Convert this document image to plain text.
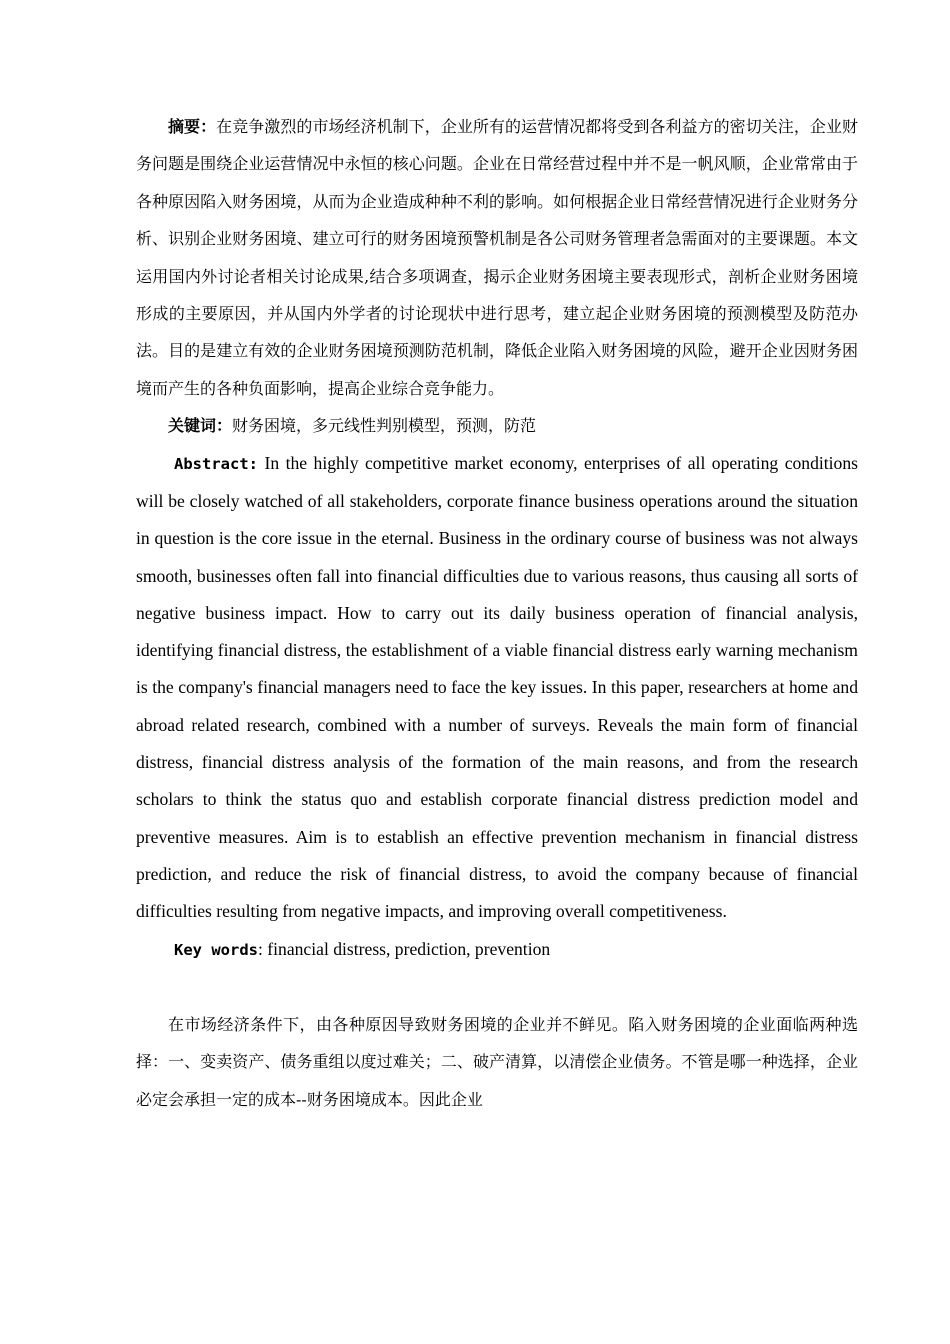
摘要：在竞争激烈的市场经济机制下，企业所有的运营情况都将受到各利益方的密切关注，企业财务问题是围绕企业运营情况中永恒的核心问题。企业在日常经营过程中并不是一帆风顺，企业常常由于各种原因陷入财务困境，从而为企业造成种种不利的影响。如何根据企业日常经营情况进行企业财务分析、识别企业财务困境、建立可行的财务困境预警机制是各公司财务管理者急需面对的主要课题。本文运用国内外讨论者相关讨论成果,结合多项调查，揭示企业财务困境主要表现形式，剖析企业财务困境形成的主要原因，并从国内外学者的讨论现状中进行思考，建立起企业财务困境的预测模型及防范办法。目的是建立有效的企业财务困境预测防范机制，降低企业陷入财务困境的风险，避开企业因财务困境而产生的各种负面影响，提高企业综合竞争能力。

关键词：财务困境，多元线性判别模型，预测，防范

Abstract: In the highly competitive market economy, enterprises of all operating conditions will be closely watched of all stakeholders, corporate finance business operations around the situation in question is the core issue in the eternal. Business in the ordinary course of business was not always smooth, businesses often fall into financial difficulties due to various reasons, thus causing all sorts of negative business impact. How to carry out its daily business operation of financial analysis, identifying financial distress, the establishment of a viable financial distress early warning mechanism is the company's financial managers need to face the key issues. In this paper, researchers at home and abroad related research, combined with a number of surveys. Reveals the main form of financial distress, financial distress analysis of the formation of the main reasons, and from the research scholars to think the status quo and establish corporate financial distress prediction model and preventive measures. Aim is to establish an effective prevention mechanism in financial distress prediction, and reduce the risk of financial distress, to avoid the company because of financial difficulties resulting from negative impacts, and improving overall competitiveness.

Key words: financial distress, prediction, prevention

在市场经济条件下，由各种原因导致财务困境的企业并不鲜见。陷入财务困境的企业面临两种选择：一、变卖资产、债务重组以度过难关；二、破产清算，以清偿企业债务。不管是哪一种选择，企业必定会承担一定的成本--财务困境成本。因此企业
